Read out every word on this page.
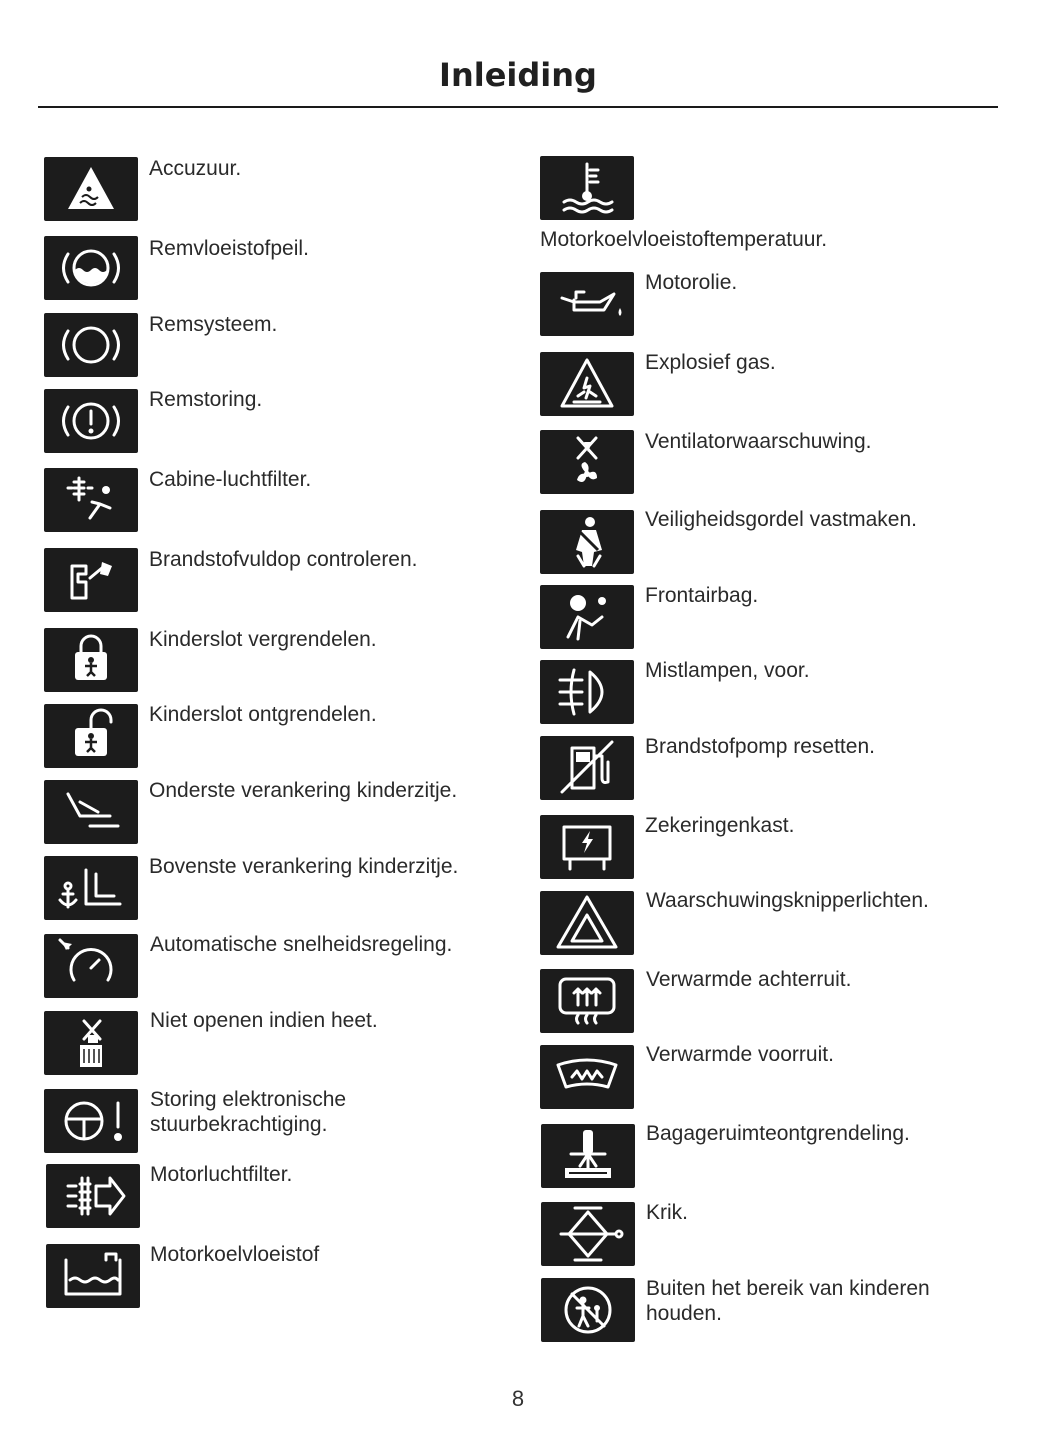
Inleiding
Accuzuur.
Remvloeistofpeil.
Remsysteem.
Remstoring.
Cabine-luchtfilter.
Brandstofvuldop controleren.
Kinderslot vergrendelen.
Kinderslot ontgrendelen.
Onderste verankering kinderzitje.
Bovenste verankering kinderzitje.
Automatische snelheidsregeling.
Niet openen indien heet.
Storing elektronische
stuurbekrachtiging.
Motorluchtfilter.
Motorkoelvloeistof
Motorkoelvloeistoftemperatuur.
Motorolie.
Explosief gas.
Ventilatorwaarschuwing.
Veiligheidsgordel vastmaken.
Frontairbag.
Mistlampen, voor.
Brandstofpomp resetten.
Zekeringenkast.
Waarschuwingsknipperlichten.
Verwarmde achterruit.
Verwarmde voorruit.
Bagageruimteontgrendeling.
Krik.
Buiten het bereik van kinderen
houden.
8
